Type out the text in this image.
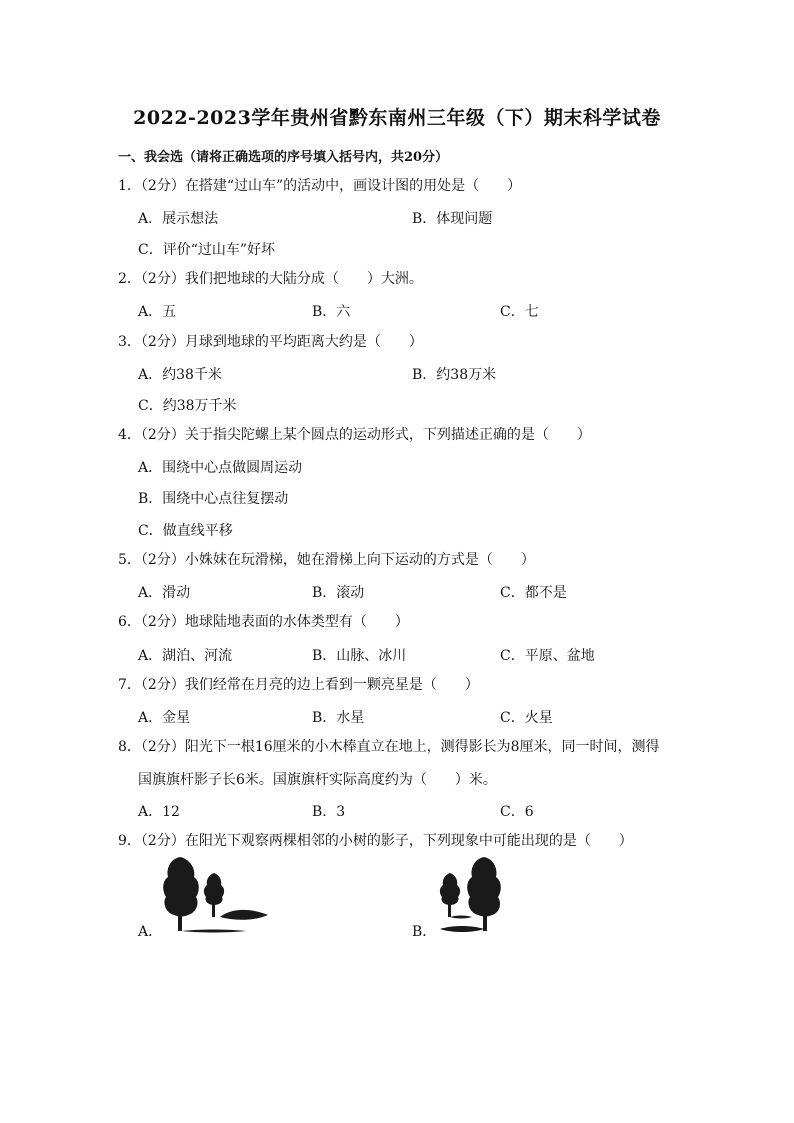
2022-2023学年贵州省黔东南州三年级（下）期末科学试卷
一、我会选（请将正确选项的序号填入括号内，共20分）
1．（2分）在搭建“过山车”的活动中，画设计图的用处是（　　）
A．展示想法	B．体现问题
C．评价“过山车”好坏
2．（2分）我们把地球的大陆分成（　　）大洲。
A．五	B．六	C．七
3．（2分）月球到地球的平均距离大约是（　　）
A．约38千米	B．约38万米
C．约38万千米
4．（2分）关于指尖陀螺上某个圆点的运动形式，下列描述正确的是（　　）
A．围绕中心点做圆周运动
B．围绕中心点往复摆动
C．做直线平移
5．（2分）小姝妹在玩滑梯，她在滑梯上向下运动的方式是（　　）
A．滑动	B．滚动	C．都不是
6．（2分）地球陆地表面的水体类型有（　　）
A．湖泊、河流	B．山脉、冰川	C．平原、盆地
7．（2分）我们经常在月亮的边上看到一颗亮星是（　　）
A．金星	B．水星	C．火星
8．（2分）阳光下一根16厘米的小木棒直立在地上，测得影长为8厘米，同一时间，测得
国旗旗杆影子长6米。国旗旗杆实际高度约为（　　）米。
A．12	B．3	C．6
9．（2分）在阳光下观察两棵相邻的小树的影子，下列现象中可能出现的是（　　）
A．	B．
